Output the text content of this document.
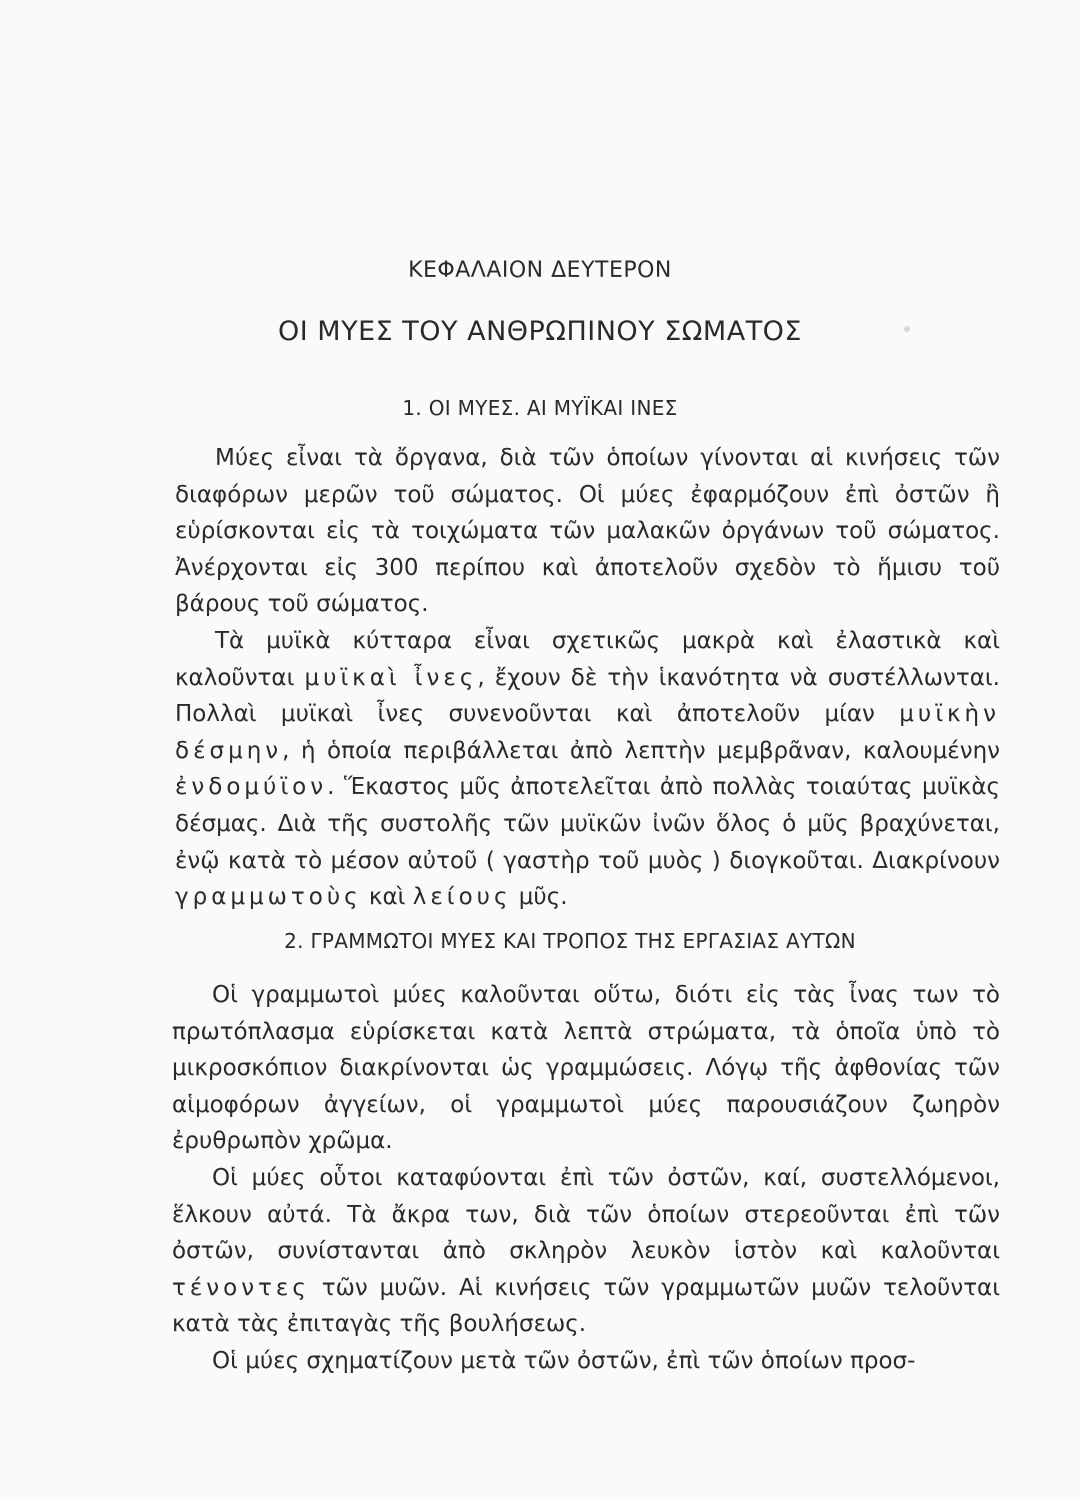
ΚΕΦΑΛΑΙΟΝ ΔΕΥΤΕΡΟΝ
ΟΙ ΜΥΕΣ ΤΟΥ ΑΝΘΡΩΠΙΝΟΥ ΣΩΜΑΤΟΣ
1. ΟΙ ΜΥΕΣ. ΑΙ ΜΥΪΚΑΙ ΙΝΕΣ

Μύες εἶναι τὰ ὄργανα, διὰ τῶν ὁποίων γίνονται αἱ κινήσεις τῶν διαφόρων μερῶν τοῦ σώματος. Οἱ μύες ἐφαρμόζουν ἐπὶ ὀστῶν ἢ εὑρίσκονται εἰς τὰ τοιχώματα τῶν μαλακῶν ὀργάνων τοῦ σώματος. Ἀνέρχονται εἰς 300 περίπου καὶ ἀποτελοῦν σχεδὸν τὸ ἥμισυ τοῦ βάρους τοῦ σώματος.

Τὰ μυϊκὰ κύτταρα εἶναι σχετικῶς μακρὰ καὶ ἐλαστικὰ καὶ καλοῦνται μυϊκαὶ ἶνες, ἔχουν δὲ τὴν ἱκανότητα νὰ συστέλλωνται. Πολλαὶ μυϊκαὶ ἶνες συνενοῦνται καὶ ἀποτελοῦν μίαν μυϊκὴν δέσμην, ἡ ὁποία περιβάλλεται ἀπὸ λεπτὴν μεμβρᾶναν, καλουμένην ἐνδομύϊον. Ἕκαστος μῦς ἀποτελεῖται ἀπὸ πολλὰς τοιαύτας μυϊκὰς δέσμας. Διὰ τῆς συστολῆς τῶν μυϊκῶν ἰνῶν ὅλος ὁ μῦς βραχύνεται, ἐνῷ κατὰ τὸ μέσον αὐτοῦ ( γαστὴρ τοῦ μυὸς ) διογκοῦται. Διακρίνουν γραμμωτοὺς καὶ λείους μῦς.

2. ΓΡΑΜΜΩΤΟΙ ΜΥΕΣ ΚΑΙ ΤΡΟΠΟΣ ΤΗΣ ΕΡΓΑΣΙΑΣ ΑΥΤΩΝ

Οἱ γραμμωτοὶ μύες καλοῦνται οὕτω, διότι εἰς τὰς ἶνας των τὸ πρωτόπλασμα εὑρίσκεται κατὰ λεπτὰ στρώματα, τὰ ὁποῖα ὑπὸ τὸ μικροσκόπιον διακρίνονται ὡς γραμμώσεις. Λόγῳ τῆς ἀφθονίας τῶν αἱμοφόρων ἀγγείων, οἱ γραμμωτοὶ μύες παρουσιάζουν ζωηρὸν ἐρυθρωπὸν χρῶμα.

Οἱ μύες οὗτοι καταφύονται ἐπὶ τῶν ὀστῶν, καί, συστελλόμενοι, ἕλκουν αὐτά. Τὰ ἄκρα των, διὰ τῶν ὁποίων στερεοῦνται ἐπὶ τῶν ὀστῶν, συνίστανται ἀπὸ σκληρὸν λευκὸν ἱστὸν καὶ καλοῦνται τένοντες τῶν μυῶν. Αἱ κινήσεις τῶν γραμμωτῶν μυῶν τελοῦνται κατὰ τὰς ἐπιταγὰς τῆς βουλήσεως.

Οἱ μύες σχηματίζουν μετὰ τῶν ὀστῶν, ἐπὶ τῶν ὁποίων προσ-
